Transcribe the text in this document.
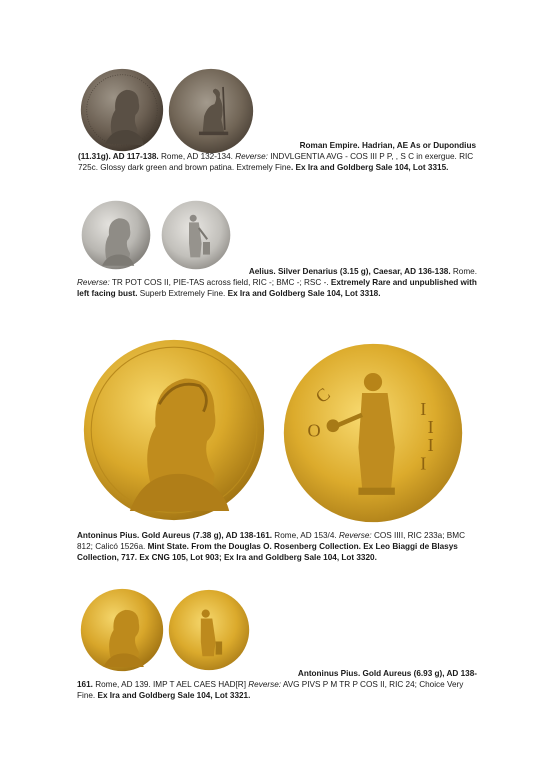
Roman Empire. Hadrian, AE As or Dupondius
(11.31g). AD 117-138. Rome, AD 132-134. Reverse: INDVLGENTIA AVG - COS III P P, , S C in exergue. RIC 725c. Glossy dark green and brown patina. Extremely Fine. Ex Ira and Goldberg Sale 104, Lot 3315.

Aelius. Silver Denarius (3.15 g), Caesar, AD 136-138. Rome.
Reverse: TR POT COS II, PIE-TAS across field, RIC -; BMC -; RSC -. Extremely Rare and unpublished with left facing bust. Superb Extremely Fine. Ex Ira and Goldberg Sale 104, Lot 3318.

C
O
I
I
I
I

Antoninus Pius. Gold Aureus (7.38 g), AD 138-161. Rome, AD 153/4. Reverse: COS IIII, RIC 233a; BMC 812; Calicó 1526a. Mint State. From the Douglas O. Rosenberg Collection. Ex Leo Biaggi de Blasys Collection, 717. Ex CNG 105, Lot 903; Ex Ira and Goldberg Sale 104, Lot 3320.

Antoninus Pius. Gold Aureus (6.93 g), AD 138-
161. Rome, AD 139. IMP T AEL CAES HAD[R] Reverse: AVG PIVS P M TR P COS II, RIC 24; Choice Very Fine. Ex Ira and Goldberg Sale 104, Lot 3321.
